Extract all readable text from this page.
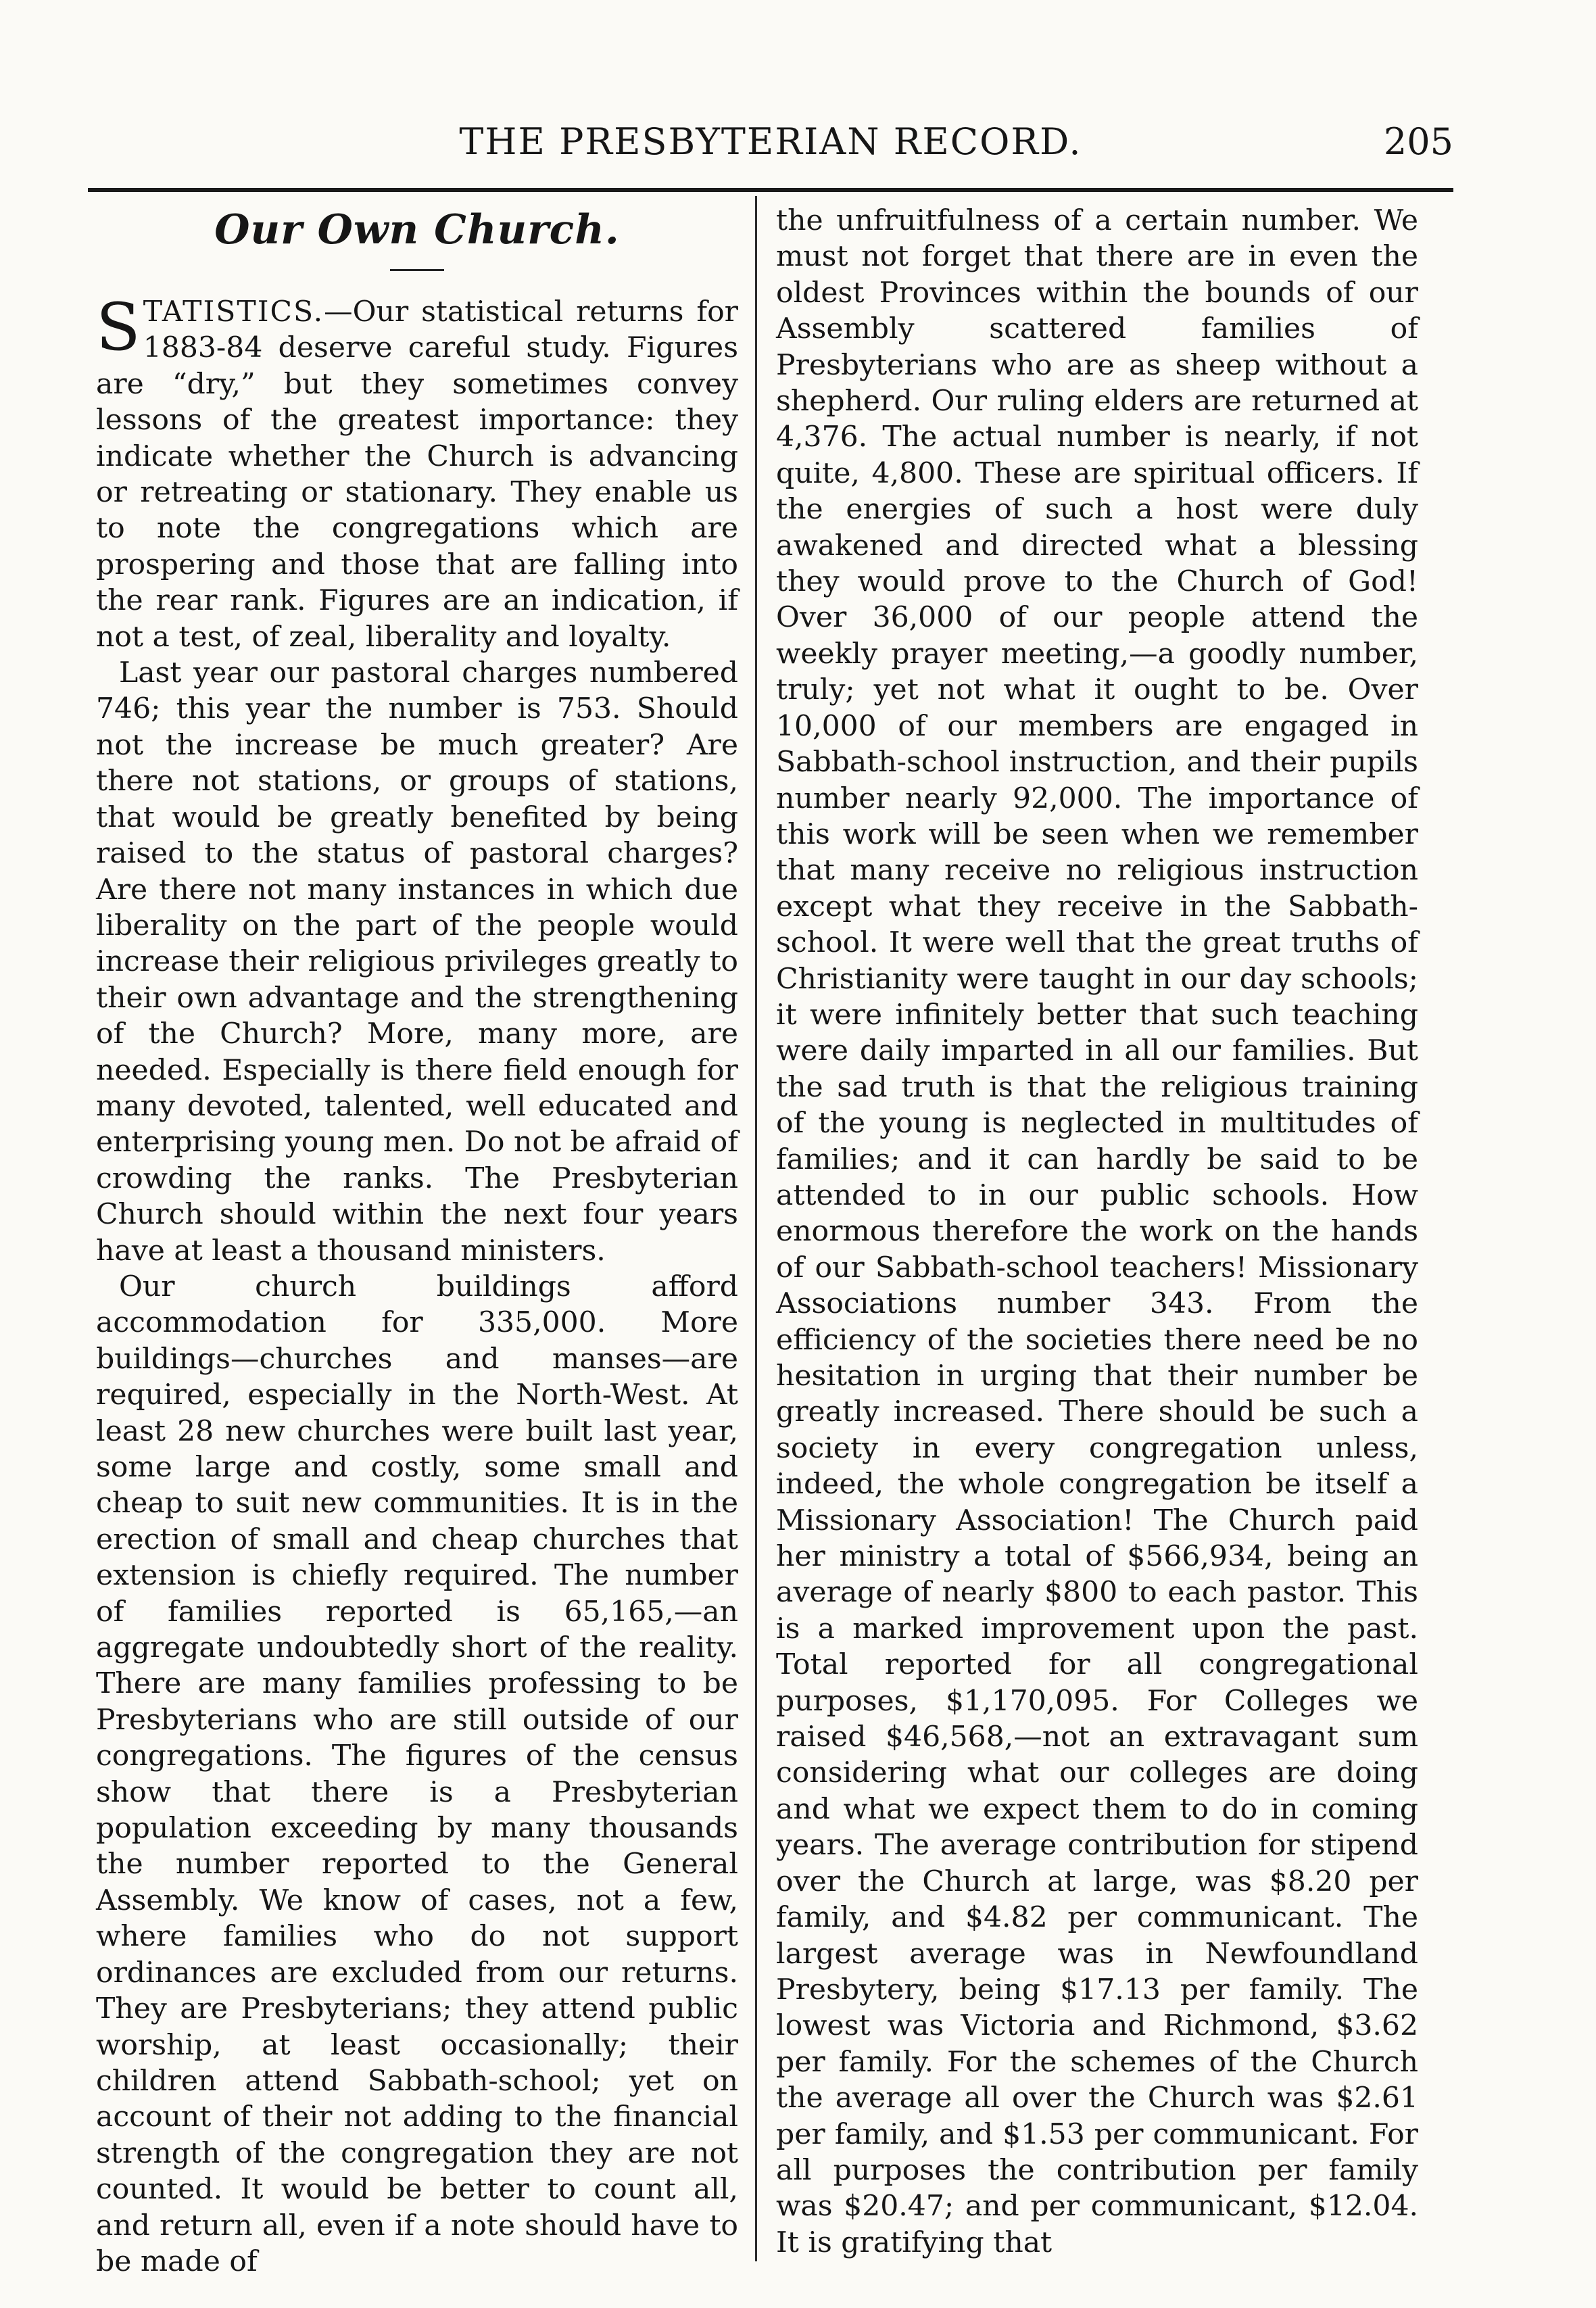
THE PRESBYTERIAN RECORD.	205
Our Own Church.

STATISTICS.—Our statistical returns for 1883-84 deserve careful study. Figures are “dry,” but they sometimes convey lessons of the greatest importance: they indicate whether the Church is advancing or retreating or stationary. They enable us to note the congregations which are prospering and those that are falling into the rear rank. Figures are an indication, if not a test, of zeal, liberality and loyalty.

Last year our pastoral charges numbered 746; this year the number is 753. Should not the increase be much greater? Are there not stations, or groups of stations, that would be greatly benefited by being raised to the status of pastoral charges? Are there not many instances in which due liberality on the part of the people would increase their religious privileges greatly to their own advantage and the strengthening of the Church? More, many more, are needed. Especially is there field enough for many devoted, talented, well educated and enterprising young men. Do not be afraid of crowding the ranks. The Presbyterian Church should within the next four years have at least a thousand ministers.

Our church buildings afford accommodation for 335,000. More buildings—churches and manses—are required, especially in the North-West. At least 28 new churches were built last year, some large and costly, some small and cheap to suit new communities. It is in the erection of small and cheap churches that extension is chiefly required. The number of families reported is 65,165,—an aggregate undoubtedly short of the reality. There are many families professing to be Presbyterians who are still outside of our congregations. The figures of the census show that there is a Presbyterian population exceeding by many thousands the number reported to the General Assembly. We know of cases, not a few, where families who do not support ordinances are excluded from our returns. They are Presbyterians; they attend public worship, at least occasionally; their children attend Sabbath-school; yet on account of their not adding to the financial strength of the congregation they are not counted. It would be better to count all, and return all, even if a note should have to be made of

the unfruitfulness of a certain number. We must not forget that there are in even the oldest Provinces within the bounds of our Assembly scattered families of Presbyterians who are as sheep without a shepherd. Our ruling elders are returned at 4,376. The actual number is nearly, if not quite, 4,800. These are spiritual officers. If the energies of such a host were duly awakened and directed what a blessing they would prove to the Church of God! Over 36,000 of our people attend the weekly prayer meeting,—a goodly number, truly; yet not what it ought to be. Over 10,000 of our members are engaged in Sabbath-school instruction, and their pupils number nearly 92,000. The importance of this work will be seen when we remember that many receive no religious instruction except what they receive in the Sabbath-school. It were well that the great truths of Christianity were taught in our day schools; it were infinitely better that such teaching were daily imparted in all our families. But the sad truth is that the religious training of the young is neglected in multitudes of families; and it can hardly be said to be attended to in our public schools. How enormous therefore the work on the hands of our Sabbath-school teachers! Missionary Associations number 343. From the efficiency of the societies there need be no hesitation in urging that their number be greatly increased. There should be such a society in every congregation unless, indeed, the whole congregation be itself a Missionary Association! The Church paid her ministry a total of $566,934, being an average of nearly $800 to each pastor. This is a marked improvement upon the past. Total reported for all congregational purposes, $1,170,095. For Colleges we raised $46,568,—not an extravagant sum considering what our colleges are doing and what we expect them to do in coming years. The average contribution for stipend over the Church at large, was $8.20 per family, and $4.82 per communicant. The largest average was in Newfoundland Presbytery, being $17.13 per family. The lowest was Victoria and Richmond, $3.62 per family. For the schemes of the Church the average all over the Church was $2.61 per family, and $1.53 per communicant. For all purposes the contribution per family was $20.47; and per communicant, $12.04. It is gratifying that
